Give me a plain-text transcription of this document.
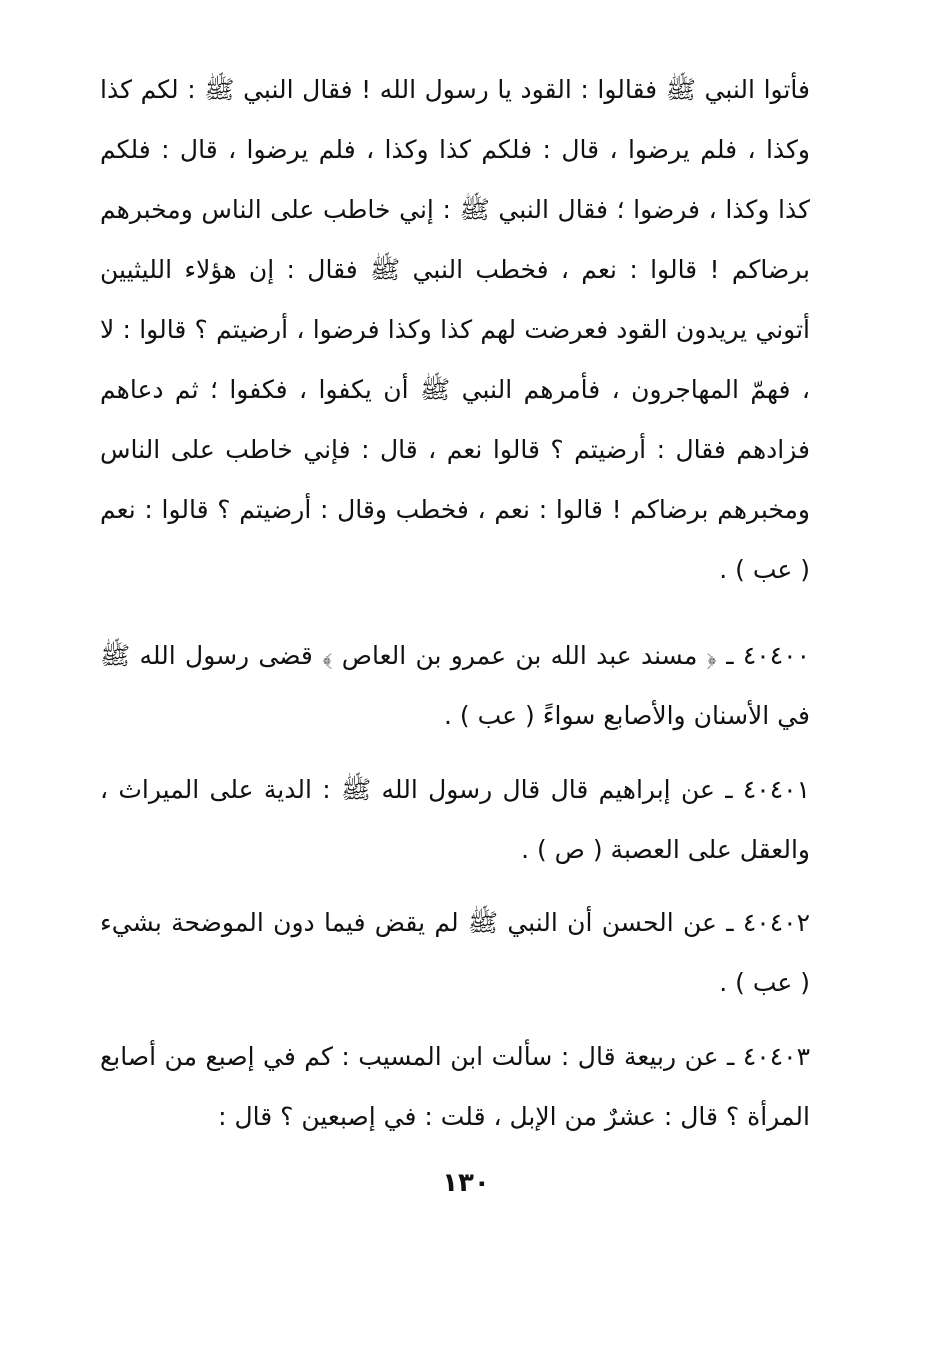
فأتوا النبي ﷺ فقالوا : القود يا رسول الله ! فقال النبي ﷺ : لكم كذا وكذا ، فلم يرضوا ، قال : فلكم كذا وكذا ، فلم يرضوا ، قال : فلكم كذا وكذا ، فرضوا ؛ فقال النبي ﷺ : إني خاطب على الناس ومخبرهم برضاكم ! قالوا : نعم ، فخطب النبي ﷺ فقال : إن هؤلاء الليثيين أتوني يريدون القود فعرضت لهم كذا وكذا فرضوا ، أرضيتم ؟ قالوا : لا ، فهمّ المهاجرون ، فأمرهم النبي ﷺ أن يكفوا ، فكفوا ؛ ثم دعاهم فزادهم فقال : أرضيتم ؟ قالوا نعم ، قال : فإني خاطب على الناس ومخبرهم برضاكم ! قالوا : نعم ، فخطب وقال : أرضيتم ؟ قالوا : نعم ( عب ) .

٤٠٤٠٠ ـ ﴿ مسند عبد الله بن عمرو بن العاص ﴾ قضى رسول الله ﷺ في الأسنان والأصابع سواءً ( عب ) .

٤٠٤٠١ ـ عن إبراهيم قال قال رسول الله ﷺ : الدية على الميراث ، والعقل على العصبة ( ص ) .

٤٠٤٠٢ ـ عن الحسن أن النبي ﷺ لم يقض فيما دون الموضحة بشيء ( عب ) .

٤٠٤٠٣ ـ عن ربيعة قال : سألت ابن المسيب : كم في إصبع من أصابع المرأة ؟ قال : عشرٌ من الإبل ، قلت : في إصبعين ؟ قال :

١٣٠
